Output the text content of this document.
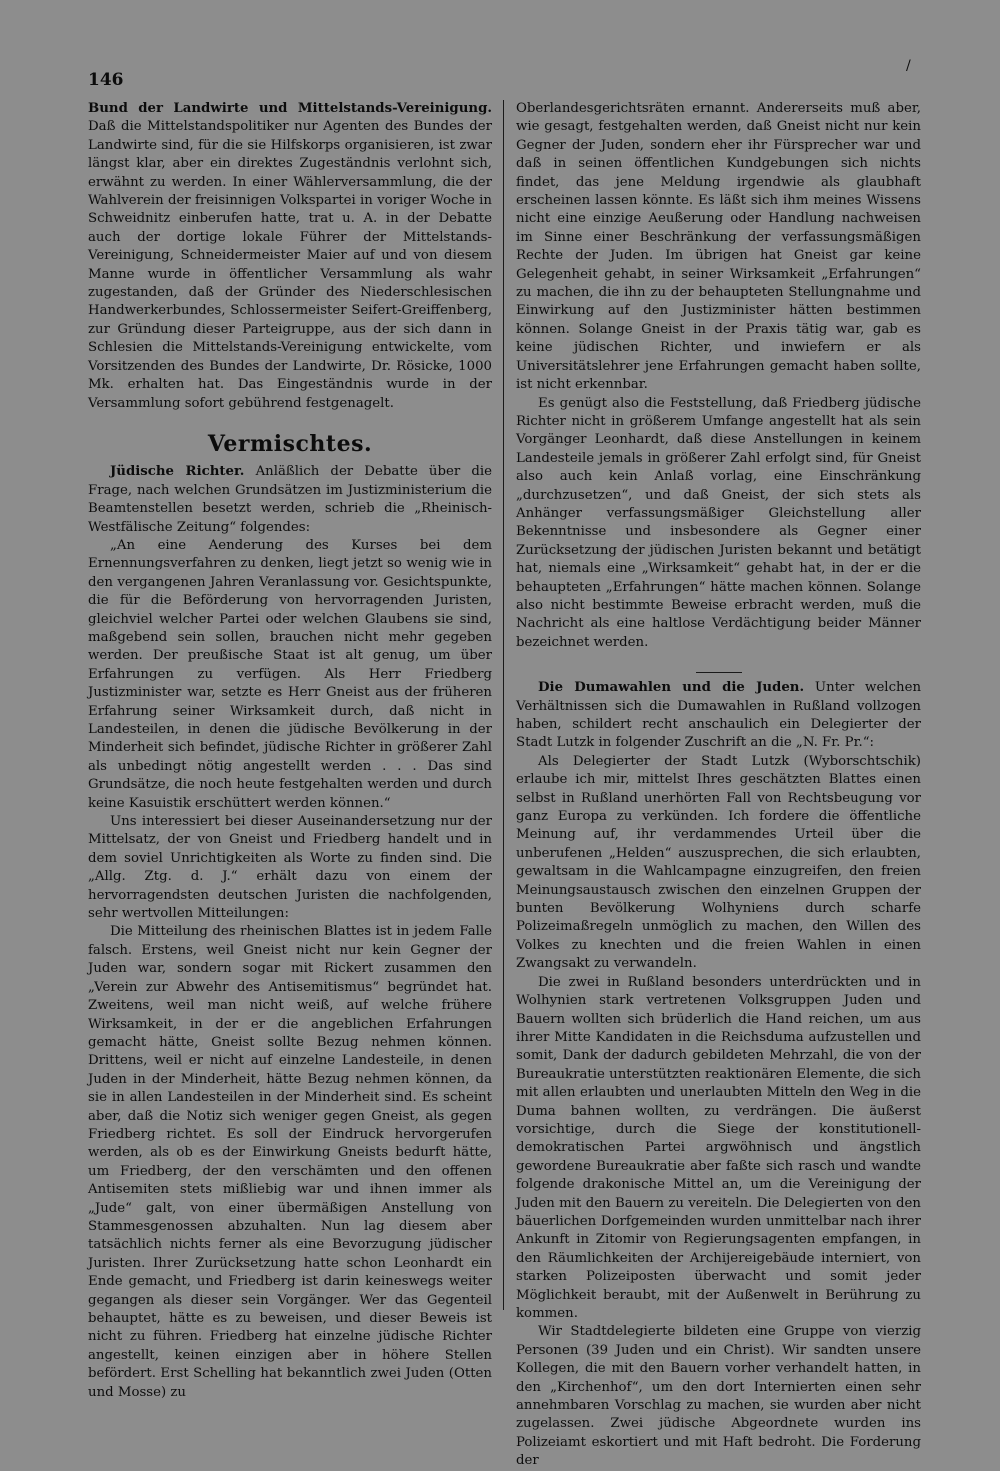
146
/

Bund der Landwirte und Mittelstands-Vereinigung. Daß die Mittelstandspolitiker nur Agenten des Bundes der Landwirte sind, für die sie Hilfskorps organisieren, ist zwar längst klar, aber ein direktes Zugeständnis verlohnt sich, erwähnt zu werden. In einer Wählerversammlung, die der Wahlverein der freisinnigen Volkspartei in voriger Woche in Schweidnitz einberufen hatte, trat u. A. in der Debatte auch der dortige lokale Führer der Mittelstands-Vereinigung, Schneidermeister Maier auf und von diesem Manne wurde in öffentlicher Versammlung als wahr zugestanden, daß der Gründer des Niederschlesischen Handwerkerbundes, Schlossermeister Seifert-Greiffenberg, zur Gründung dieser Parteigruppe, aus der sich dann in Schlesien die Mittelstands-Vereinigung entwickelte, vom Vorsitzenden des Bundes der Landwirte, Dr. Rösicke, 1000 Mk. erhalten hat. Das Eingeständnis wurde in der Versammlung sofort gebührend festgenagelt.

Vermischtes.

Jüdische Richter. Anläßlich der Debatte über die Frage, nach welchen Grundsätzen im Justizministerium die Beamtenstellen besetzt werden, schrieb die „Rheinisch-Westfälische Zeitung“ folgendes:

„An eine Aenderung des Kurses bei dem Ernennungsverfahren zu denken, liegt jetzt so wenig wie in den vergangenen Jahren Veranlassung vor. Gesichtspunkte, die für die Beförderung von hervorragenden Juristen, gleichviel welcher Partei oder welchen Glaubens sie sind, maßgebend sein sollen, brauchen nicht mehr gegeben werden. Der preußische Staat ist alt genug, um über Erfahrungen zu verfügen. Als Herr Friedberg Justizminister war, setzte es Herr Gneist aus der früheren Erfahrung seiner Wirksamkeit durch, daß nicht in Landesteilen, in denen die jüdische Bevölkerung in der Minderheit sich befindet, jüdische Richter in größerer Zahl als unbedingt nötig angestellt werden . . . Das sind Grundsätze, die noch heute festgehalten werden und durch keine Kasuistik erschüttert werden können.“

Uns interessiert bei dieser Auseinandersetzung nur der Mittelsatz, der von Gneist und Friedberg handelt und in dem soviel Unrichtigkeiten als Worte zu finden sind. Die „Allg. Ztg. d. J.“ erhält dazu von einem der hervorragendsten deutschen Juristen die nachfolgenden, sehr wertvollen Mitteilungen:

Die Mitteilung des rheinischen Blattes ist in jedem Falle falsch. Erstens, weil Gneist nicht nur kein Gegner der Juden war, sondern sogar mit Rickert zusammen den „Verein zur Abwehr des Antisemitismus“ begründet hat. Zweitens, weil man nicht weiß, auf welche frühere Wirksamkeit, in der er die angeblichen Erfahrungen gemacht hätte, Gneist sollte Bezug nehmen können. Drittens, weil er nicht auf einzelne Landesteile, in denen Juden in der Minderheit, hätte Bezug nehmen können, da sie in allen Landesteilen in der Minderheit sind. Es scheint aber, daß die Notiz sich weniger gegen Gneist, als gegen Friedberg richtet. Es soll der Eindruck hervorgerufen werden, als ob es der Einwirkung Gneists bedurft hätte, um Friedberg, der den verschämten und den offenen Antisemiten stets mißliebig war und ihnen immer als „Jude“ galt, von einer übermäßigen Anstellung von Stammesgenossen abzuhalten. Nun lag diesem aber tatsächlich nichts ferner als eine Bevorzugung jüdischer Juristen. Ihrer Zurücksetzung hatte schon Leonhardt ein Ende gemacht, und Friedberg ist darin keineswegs weiter gegangen als dieser sein Vorgänger. Wer das Gegenteil behauptet, hätte es zu beweisen, und dieser Beweis ist nicht zu führen. Friedberg hat einzelne jüdische Richter angestellt, keinen einzigen aber in höhere Stellen befördert. Erst Schelling hat bekanntlich zwei Juden (Otten und Mosse) zu

Oberlandesgerichtsräten ernannt. Andererseits muß aber, wie gesagt, festgehalten werden, daß Gneist nicht nur kein Gegner der Juden, sondern eher ihr Fürsprecher war und daß in seinen öffentlichen Kundgebungen sich nichts findet, das jene Meldung irgendwie als glaubhaft erscheinen lassen könnte. Es läßt sich ihm meines Wissens nicht eine einzige Aeußerung oder Handlung nachweisen im Sinne einer Beschränkung der verfassungsmäßigen Rechte der Juden. Im übrigen hat Gneist gar keine Gelegenheit gehabt, in seiner Wirksamkeit „Erfahrungen“ zu machen, die ihn zu der behaupteten Stellungnahme und Einwirkung auf den Justizminister hätten bestimmen können. Solange Gneist in der Praxis tätig war, gab es keine jüdischen Richter, und inwiefern er als Universitätslehrer jene Erfahrungen gemacht haben sollte, ist nicht erkennbar.

Es genügt also die Feststellung, daß Friedberg jüdische Richter nicht in größerem Umfange angestellt hat als sein Vorgänger Leonhardt, daß diese Anstellungen in keinem Landesteile jemals in größerer Zahl erfolgt sind, für Gneist also auch kein Anlaß vorlag, eine Einschränkung „durchzusetzen“, und daß Gneist, der sich stets als Anhänger verfassungsmäßiger Gleichstellung aller Bekenntnisse und insbesondere als Gegner einer Zurücksetzung der jüdischen Juristen bekannt und betätigt hat, niemals eine „Wirksamkeit“ gehabt hat, in der er die behaupteten „Erfahrungen“ hätte machen können. Solange also nicht bestimmte Beweise erbracht werden, muß die Nachricht als eine haltlose Verdächtigung beider Männer bezeichnet werden.

Die Dumawahlen und die Juden. Unter welchen Verhältnissen sich die Dumawahlen in Rußland vollzogen haben, schildert recht anschaulich ein Delegierter der Stadt Lutzk in folgender Zuschrift an die „N. Fr. Pr.“:

Als Delegierter der Stadt Lutzk (Wyborschtschik) erlaube ich mir, mittelst Ihres geschätzten Blattes einen selbst in Rußland unerhörten Fall von Rechtsbeugung vor ganz Europa zu verkünden. Ich fordere die öffentliche Meinung auf, ihr verdammendes Urteil über die unberufenen „Helden“ auszusprechen, die sich erlaubten, gewaltsam in die Wahlcampagne einzugreifen, den freien Meinungsaustausch zwischen den einzelnen Gruppen der bunten Bevölkerung Wolhyniens durch scharfe Polizeimaßregeln unmöglich zu machen, den Willen des Volkes zu knechten und die freien Wahlen in einen Zwangsakt zu verwandeln.

Die zwei in Rußland besonders unterdrückten und in Wolhynien stark vertretenen Volksgruppen Juden und Bauern wollten sich brüderlich die Hand reichen, um aus ihrer Mitte Kandidaten in die Reichsduma aufzustellen und somit, Dank der dadurch gebildeten Mehrzahl, die von der Bureaukratie unterstützten reaktionären Elemente, die sich mit allen erlaubten und unerlaubten Mitteln den Weg in die Duma bahnen wollten, zu verdrängen. Die äußerst vorsichtige, durch die Siege der konstitutionell-demokratischen Partei argwöhnisch und ängstlich gewordene Bureaukratie aber faßte sich rasch und wandte folgende drakonische Mittel an, um die Vereinigung der Juden mit den Bauern zu vereiteln. Die Delegierten von den bäuerlichen Dorfgemeinden wurden unmittelbar nach ihrer Ankunft in Zitomir von Regierungsagenten empfangen, in den Räumlichkeiten der Archijereigebäude interniert, von starken Polizeiposten überwacht und somit jeder Möglichkeit beraubt, mit der Außenwelt in Berührung zu kommen.

Wir Stadtdelegierte bildeten eine Gruppe von vierzig Personen (39 Juden und ein Christ). Wir sandten unsere Kollegen, die mit den Bauern vorher verhandelt hatten, in den „Kirchenhof“, um den dort Internierten einen sehr annehmbaren Vorschlag zu machen, sie wurden aber nicht zugelassen. Zwei jüdische Abgeordnete wurden ins Polizeiamt eskortiert und mit Haft bedroht. Die Forderung der
